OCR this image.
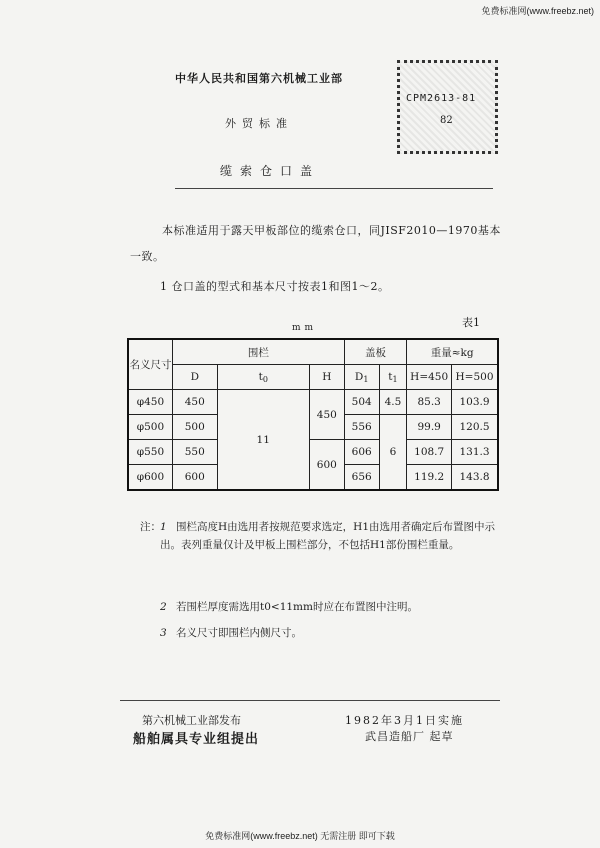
免费标准网(www.freebz.net)
中华人民共和国第六机械工业部
外贸标准
CPM2613-81
82
缆索仓口盖
本标准适用于露天甲板部位的缆索仓口，同JISF2010—1970基本
一致。
1 仓口盖的型式和基本尺寸按表1和图1～2。
mm	表1
名义尺寸	围栏			盖板		重量≈kg	
	D	$t_0$	H	$D_1$	$t_1$	H=450	H=500
φ450	450	11	450	504	4.5	85.3	103.9
φ500	500			556	6	99.9	120.5
φ550	550		600	606		108.7	131.3
φ600	600			656		119.2	143.8
注： 1 围栏高度H由选用者按规范要求选定，H1由选用者确定后布置图中示出。表列重量仅计及甲板上围栏部分，不包括H1部份围栏重量。
2 若围栏厚度需选用t0<11mm时应在布置图中注明。
3 名义尺寸即围栏内侧尺寸。
第六机械工业部发布
船舶属具专业组提出
1982年3月1日实施
武昌造船厂 起草
免费标准网(www.freebz.net) 无需注册 即可下载
